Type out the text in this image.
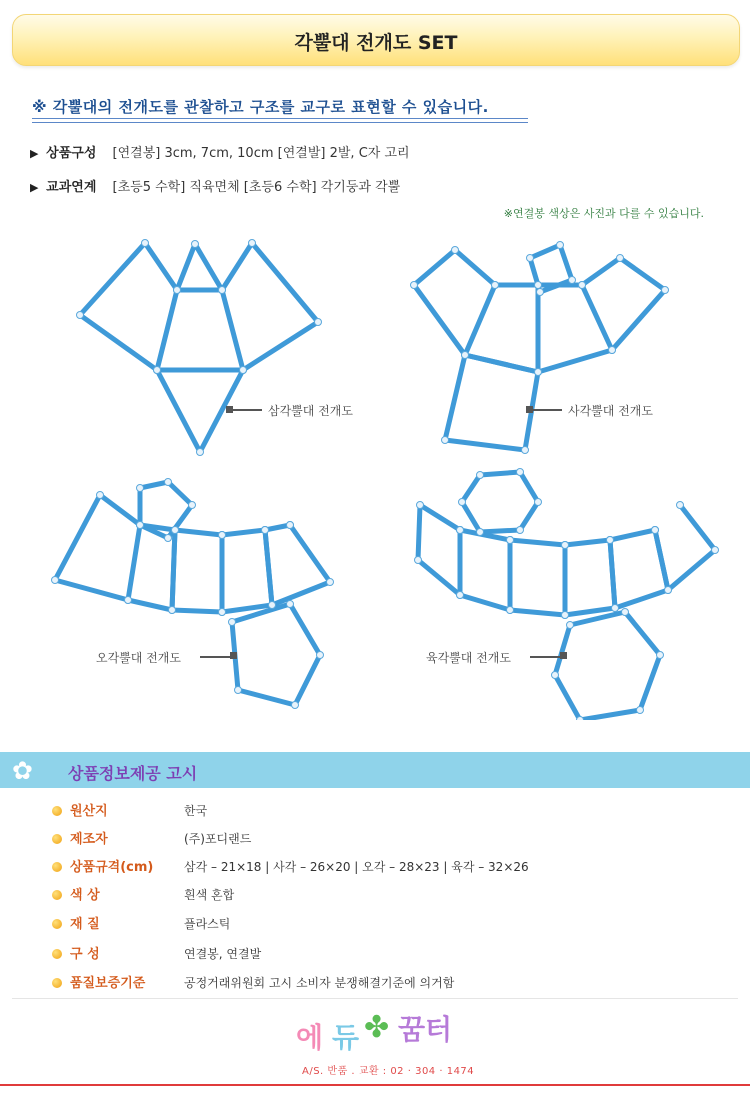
각뿔대 전개도 SET
※ 각뿔대의 전개도를 관찰하고 구조를 교구로 표현할 수 있습니다.
▶ 상품구성 [연결봉] 3cm, 7cm, 10cm [연결발] 2발, C자 고리
▶ 교과연계 [초등5 수학] 직육면체 [초등6 수학] 각기둥과 각뿔
※연결봉 색상은 사진과 다를 수 있습니다.
삼각뿔대 전개도	사각뿔대 전개도
오각뿔대 전개도	육각뿔대 전개도
✿ 상품정보제공 고시
원산지	한국
제조자	(주)포디랜드
상품규격(cm)	삼각 – 21×18 | 사각 – 26×20 | 오각 – 28×23 | 육각 – 32×26
색 상	흰색 혼합
재 질	플라스틱
구 성	연결봉, 연결발
품질보증기준	공정거래위원회 고시 소비자 분쟁해결기준에 의거함
에 듀 ✤ 꿈터
A/S. 반품 . 교환 : 02 · 304 · 1474
